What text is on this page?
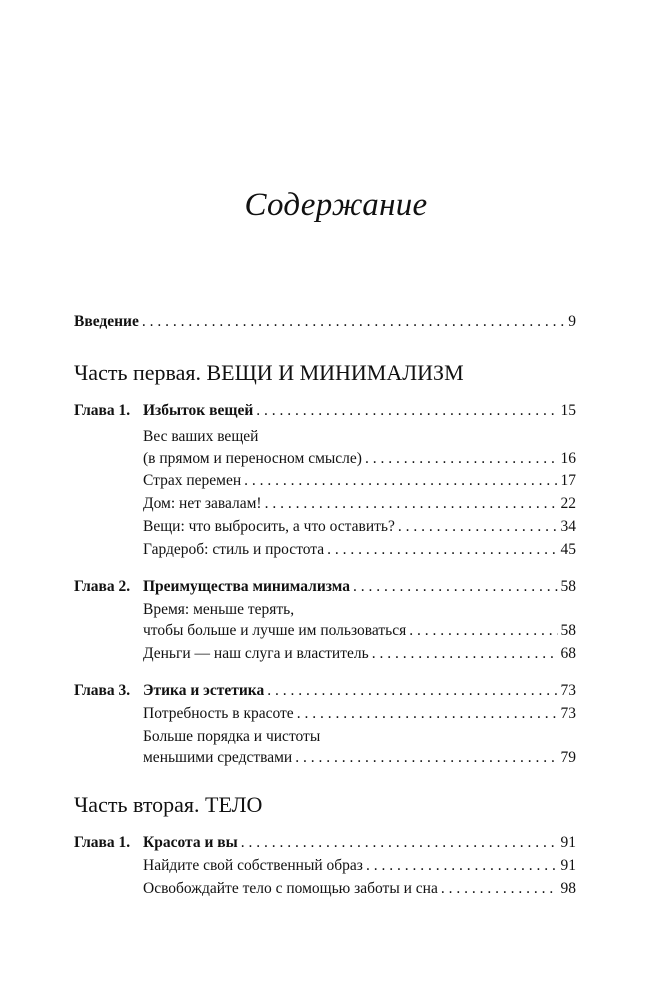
Содержание
Введение . . .	9
Часть первая. ВЕЩИ И МИНИМАЛИЗМ
Глава 1. Избыток вещей . . .	15
Вес ваших вещей
(в прямом и переносном смысле) . . .	16
Страх перемен . . .	17
Дом: нет завалам! . . .	22
Вещи: что выбросить, а что оставить? . . .	34
Гардероб: стиль и простота . . .	45
Глава 2. Преимущества минимализма . . .	58
Время: меньше терять,
чтобы больше и лучше им пользоваться . . .	58
Деньги — наш слуга и властитель . . .	68
Глава 3. Этика и эстетика . . .	73
Потребность в красоте . . .	73
Больше порядка и чистоты
меньшими средствами . . .	79
Часть вторая. ТЕЛО
Глава 1. Красота и вы . . .	91
Найдите свой собственный образ . . .	91
Освобождайте тело с помощью заботы и сна . . .	98
